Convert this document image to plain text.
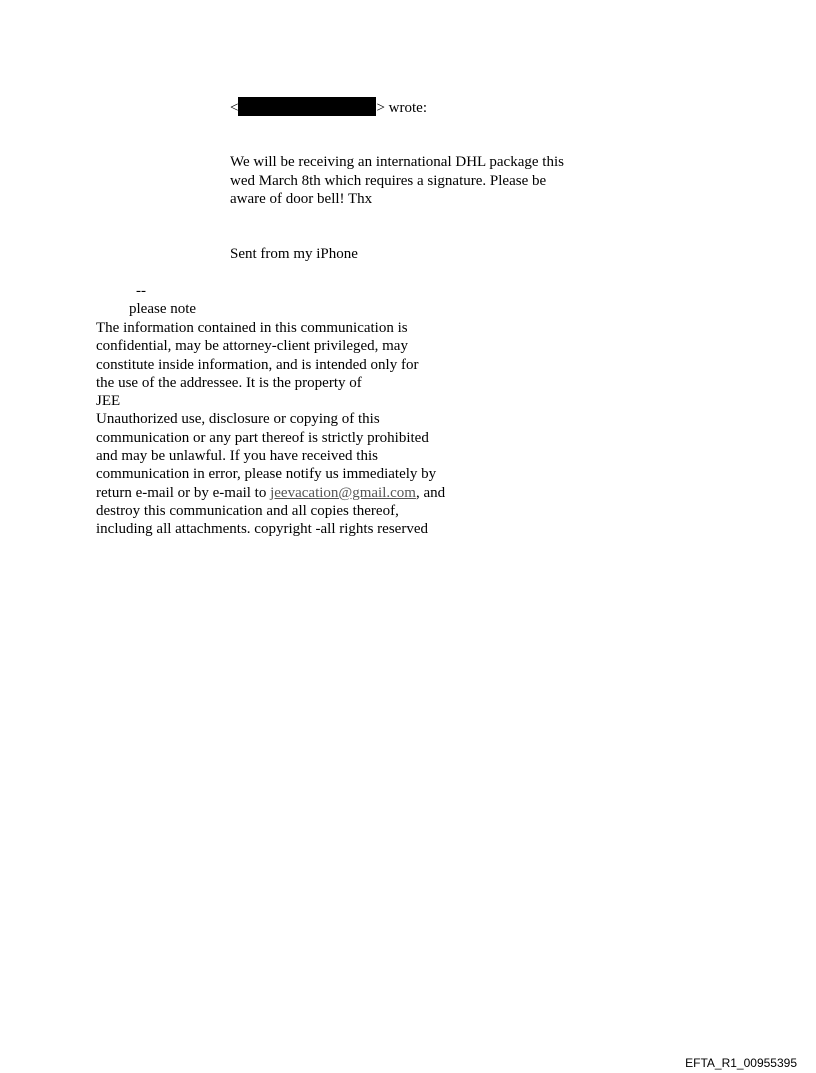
<	> wrote:
We will be receiving an international DHL package this
wed March 8th which requires a signature. Please be
aware of door bell! Thx
Sent from my iPhone
--
please note
The information contained in this communication is
confidential, may be attorney-client privileged, may
constitute inside information, and is intended only for
the use of the addressee. It is the property of
JEE
Unauthorized use, disclosure or copying of this
communication or any part thereof is strictly prohibited
and may be unlawful. If you have received this
communication in error, please notify us immediately by
return e-mail or by e-mail to jeevacation@gmail.com, and
destroy this communication and all copies thereof,
including all attachments. copyright -all rights reserved
EFTA_R1_00955395
